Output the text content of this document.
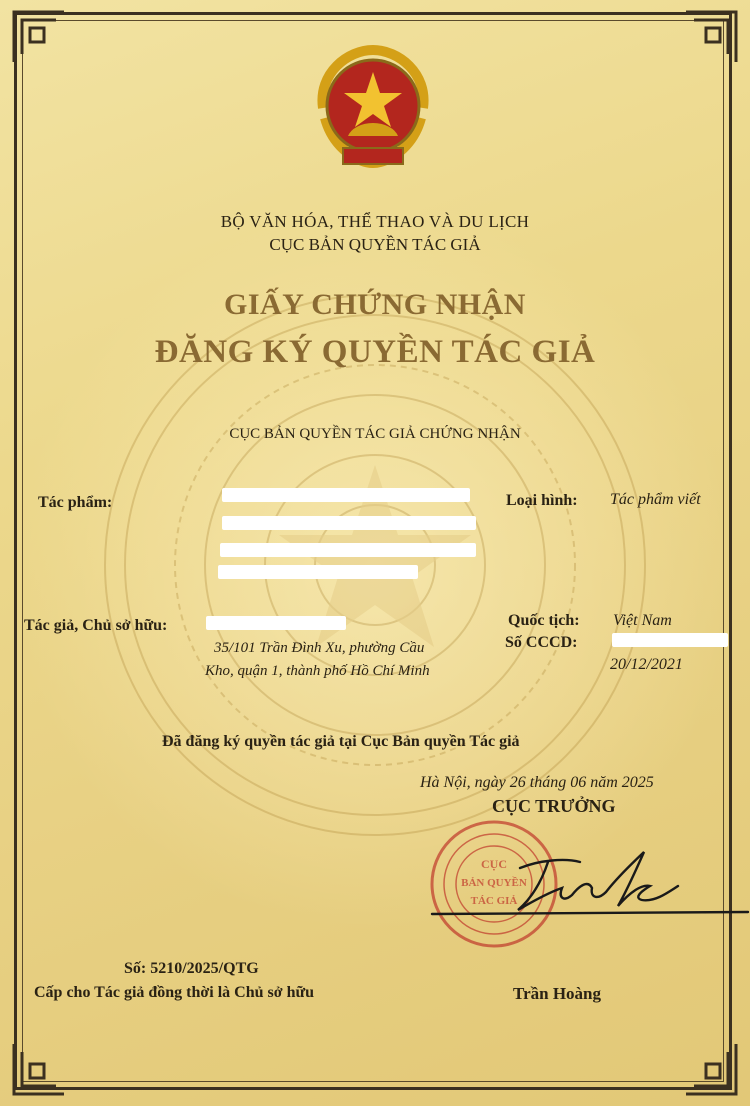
BỘ VĂN HÓA, THỂ THAO VÀ DU LỊCH
CỤC BẢN QUYỀN TÁC GIẢ
GIẤY CHỨNG NHẬN
ĐĂNG KÝ QUYỀN TÁC GIẢ
CỤC BẢN QUYỀN TÁC GIẢ CHỨNG NHẬN
Tác phẩm:	Loại hình: Tác phẩm viết
Tác giả, Chủ sở hữu:
35/101 Trần Đình Xu, phường Cầu
Kho, quận 1, thành phố Hồ Chí Minh
Quốc tịch: Việt Nam
Số CCCD:
20/12/2021
Đã đăng ký quyền tác giả tại Cục Bản quyền Tác giả
Hà Nội, ngày 26 tháng 06 năm 2025
CỤC TRƯỞNG
CỤC
BẢN QUYỀN
TÁC GIẢ
Trần Hoàng
Số: 5210/2025/QTG
Cấp cho Tác giả đồng thời là Chủ sở hữu
